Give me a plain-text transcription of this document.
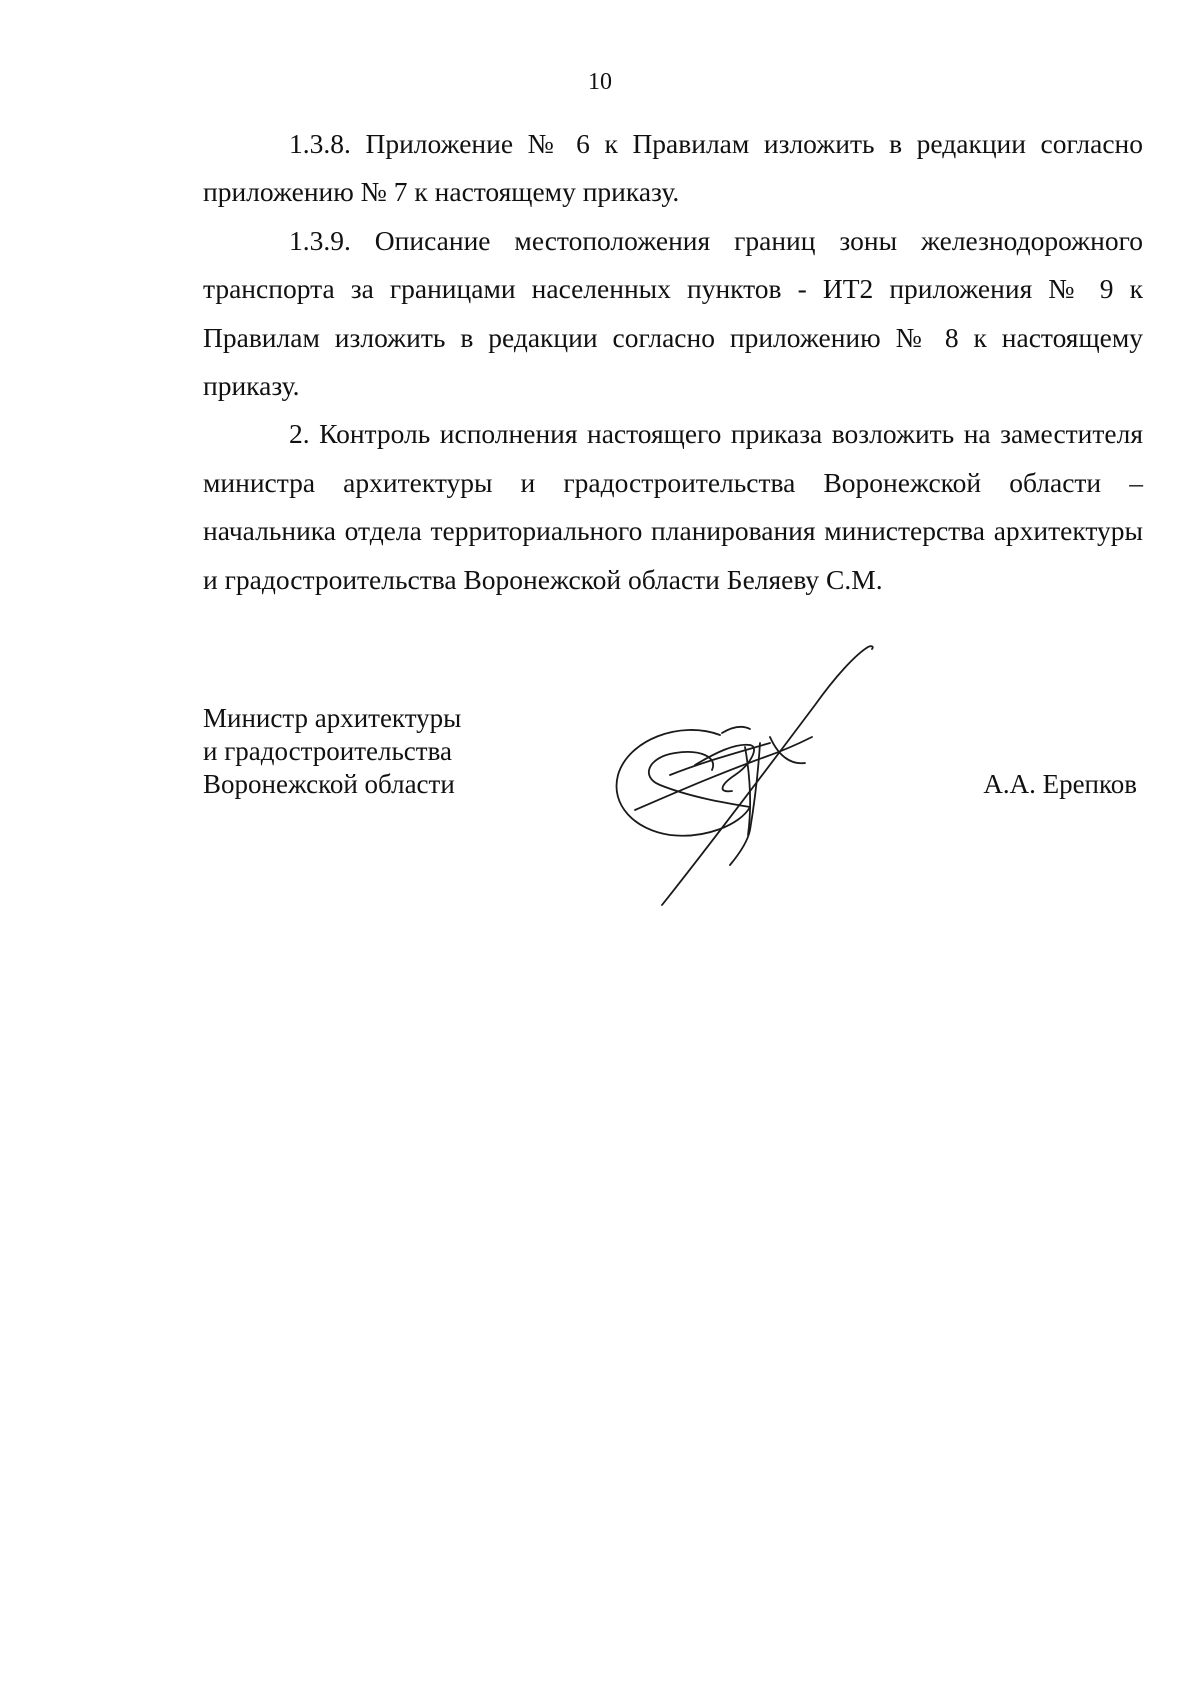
10

1.3.8. Приложение № 6 к Правилам изложить в редакции согласно приложению № 7 к настоящему приказу.

1.3.9. Описание местоположения границ зоны железнодорожного транспорта за границами населенных пунктов - ИТ2 приложения № 9 к Правилам изложить в редакции согласно приложению № 8 к настоящему приказу.

2. Контроль исполнения настоящего приказа возложить на заместителя министра архитектуры и градостроительства Воронежской области – начальника отдела территориального планирования министерства архитектуры и градостроительства Воронежской области Беляеву С.М.

Министр архитектуры
и градостроительства
Воронежской области	А.А. Ерепков
